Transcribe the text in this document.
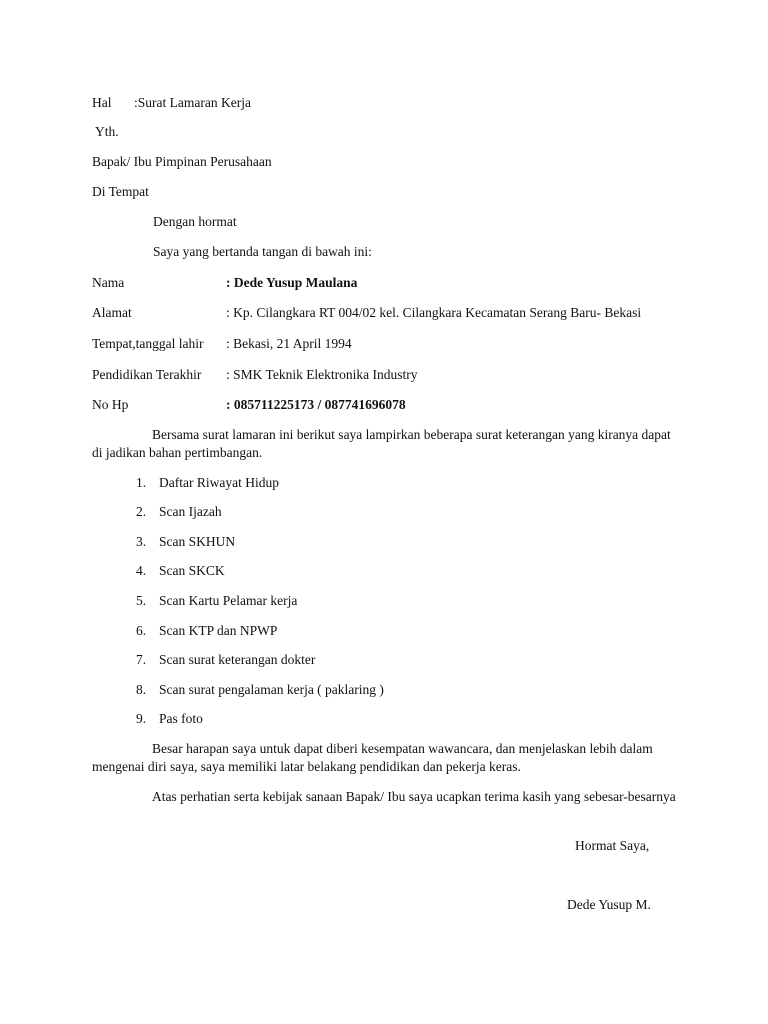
Hal :Surat Lamaran Kerja
Yth.
Bapak/ Ibu Pimpinan Perusahaan
Di Tempat
Dengan hormat
Saya yang bertanda tangan di bawah ini:
Nama	: Dede Yusup Maulana
Alamat	: Kp. Cilangkara RT 004/02 kel. Cilangkara Kecamatan Serang Baru- Bekasi
Tempat,tanggal lahir : Bekasi, 21 April 1994
Pendidikan Terakhir : SMK Teknik Elektronika Industry
No Hp	: 085711225173 / 087741696078
Bersama surat lamaran ini berikut saya lampirkan beberapa surat keterangan yang kiranya dapat di jadikan bahan pertimbangan.
1. Daftar Riwayat Hidup
2. Scan Ijazah
3. Scan SKHUN
4. Scan SKCK
5. Scan Kartu Pelamar kerja
6. Scan KTP dan NPWP
7. Scan surat keterangan dokter
8. Scan surat pengalaman kerja ( paklaring )
9. Pas foto
Besar harapan saya untuk dapat diberi kesempatan wawancara, dan menjelaskan lebih dalam mengenai diri saya, saya memiliki latar belakang pendidikan dan pekerja keras.
Atas perhatian serta kebijak sanaan Bapak/ Ibu saya ucapkan terima kasih yang sebesar-besarnya
Hormat Saya,
Dede Yusup M.
